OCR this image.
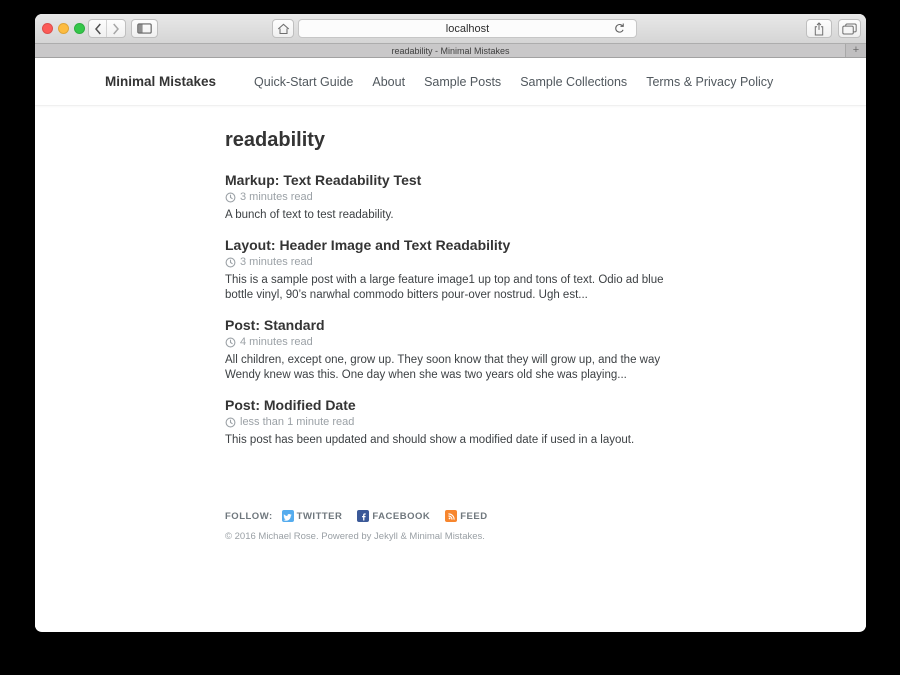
localhost
readability - Minimal Mistakes	+
Minimal Mistakes	Quick-Start Guide About Sample Posts Sample Collections Terms & Privacy Policy
readability
Markup: Text Readability Test

3 minutes read

A bunch of text to test readability.

Layout: Header Image and Text Readability

3 minutes read

This is a sample post with a large feature image1 up top and tons of text. Odio ad blue bottle vinyl, 90’s narwhal commodo bitters pour-over nostrud. Ugh est...

Post: Standard

4 minutes read

All children, except one, grow up. They soon know that they will grow up, and the way Wendy knew was this. One day when she was two years old she was playing...

Post: Modified Date

less than 1 minute read

This post has been updated and should show a modified date if used in a layout.

FOLLOW:	TWITTER	FACEBOOK	FEED

© 2016 Michael Rose. Powered by Jekyll & Minimal Mistakes.
